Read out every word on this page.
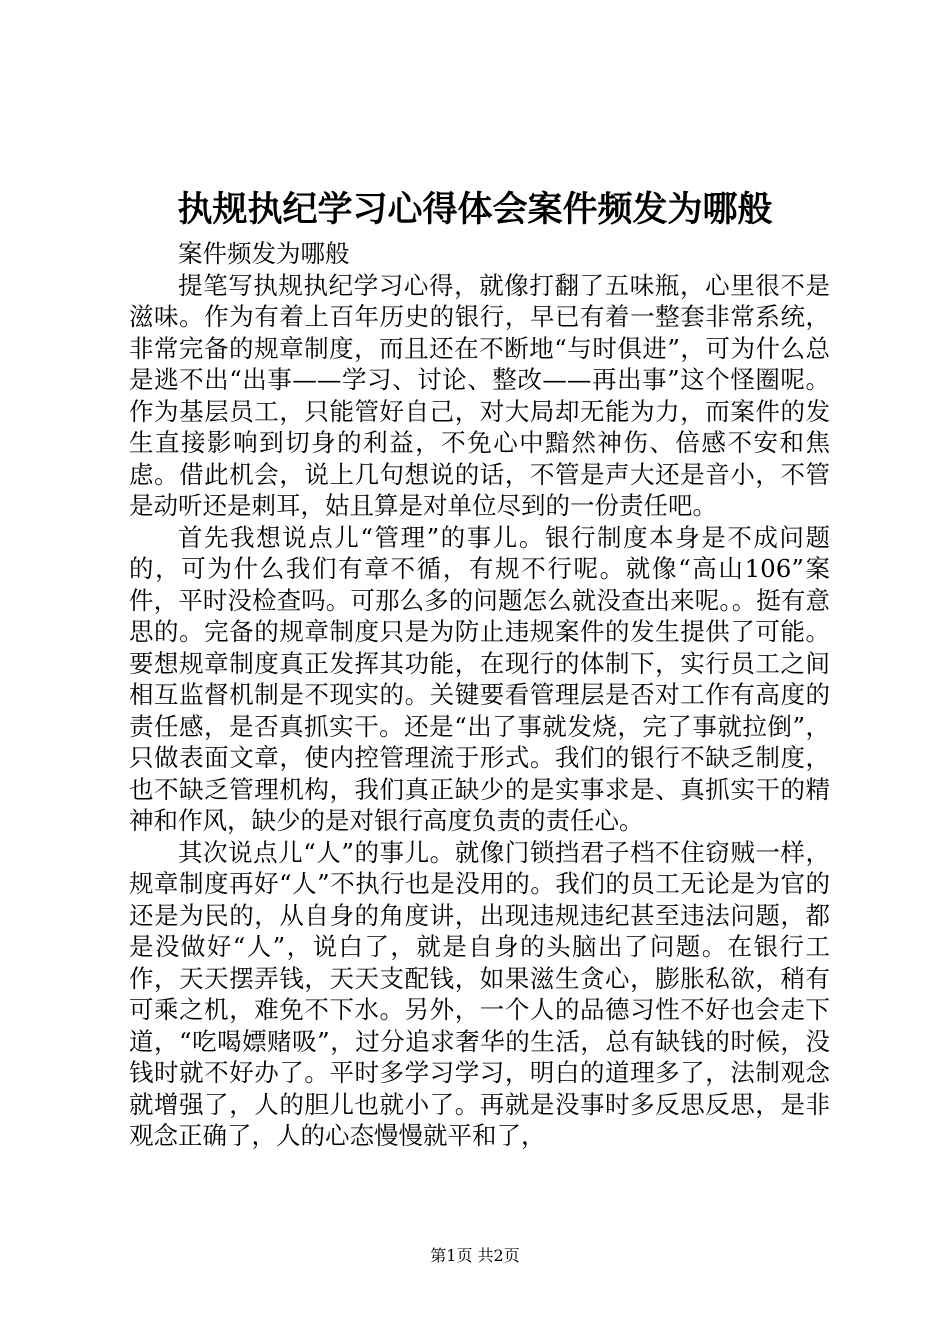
执规执纪学习心得体会案件频发为哪般

案件频发为哪般

提笔写执规执纪学习心得，就像打翻了五味瓶，心里很不是滋味。作为有着上百年历史的银行，早已有着一整套非常系统，非常完备的规章制度，而且还在不断地“与时俱进”，可为什么总是逃不出“出事——学习、讨论、整改——再出事”这个怪圈呢。作为基层员工，只能管好自己，对大局却无能为力，而案件的发生直接影响到切身的利益，不免心中黯然神伤、倍感不安和焦虑。借此机会，说上几句想说的话，不管是声大还是音小，不管是动听还是刺耳，姑且算是对单位尽到的一份责任吧。

首先我想说点儿“管理”的事儿。银行制度本身是不成问题的，可为什么我们有章不循，有规不行呢。就像“高山106”案件，平时没检查吗。可那么多的问题怎么就没查出来呢。。挺有意思的。完备的规章制度只是为防止违规案件的发生提供了可能。要想规章制度真正发挥其功能，在现行的体制下，实行员工之间相互监督机制是不现实的。关键要看管理层是否对工作有高度的责任感，是否真抓实干。还是“出了事就发烧，完了事就拉倒”，只做表面文章，使内控管理流于形式。我们的银行不缺乏制度，也不缺乏管理机构，我们真正缺少的是实事求是、真抓实干的精神和作风，缺少的是对银行高度负责的责任心。

其次说点儿“人”的事儿。就像门锁挡君子档不住窃贼一样，规章制度再好“人”不执行也是没用的。我们的员工无论是为官的还是为民的，从自身的角度讲，出现违规违纪甚至违法问题，都是没做好“人”，说白了，就是自身的头脑出了问题。在银行工作，天天摆弄钱，天天支配钱，如果滋生贪心，膨胀私欲，稍有可乘之机，难免不下水。另外，一个人的品德习性不好也会走下道，“吃喝嫖赌吸”，过分追求奢华的生活，总有缺钱的时候，没钱时就不好办了。平时多学习学习，明白的道理多了，法制观念就增强了，人的胆儿也就小了。再就是没事时多反思反思，是非观念正确了，人的心态慢慢就平和了，

第1页 共2页
